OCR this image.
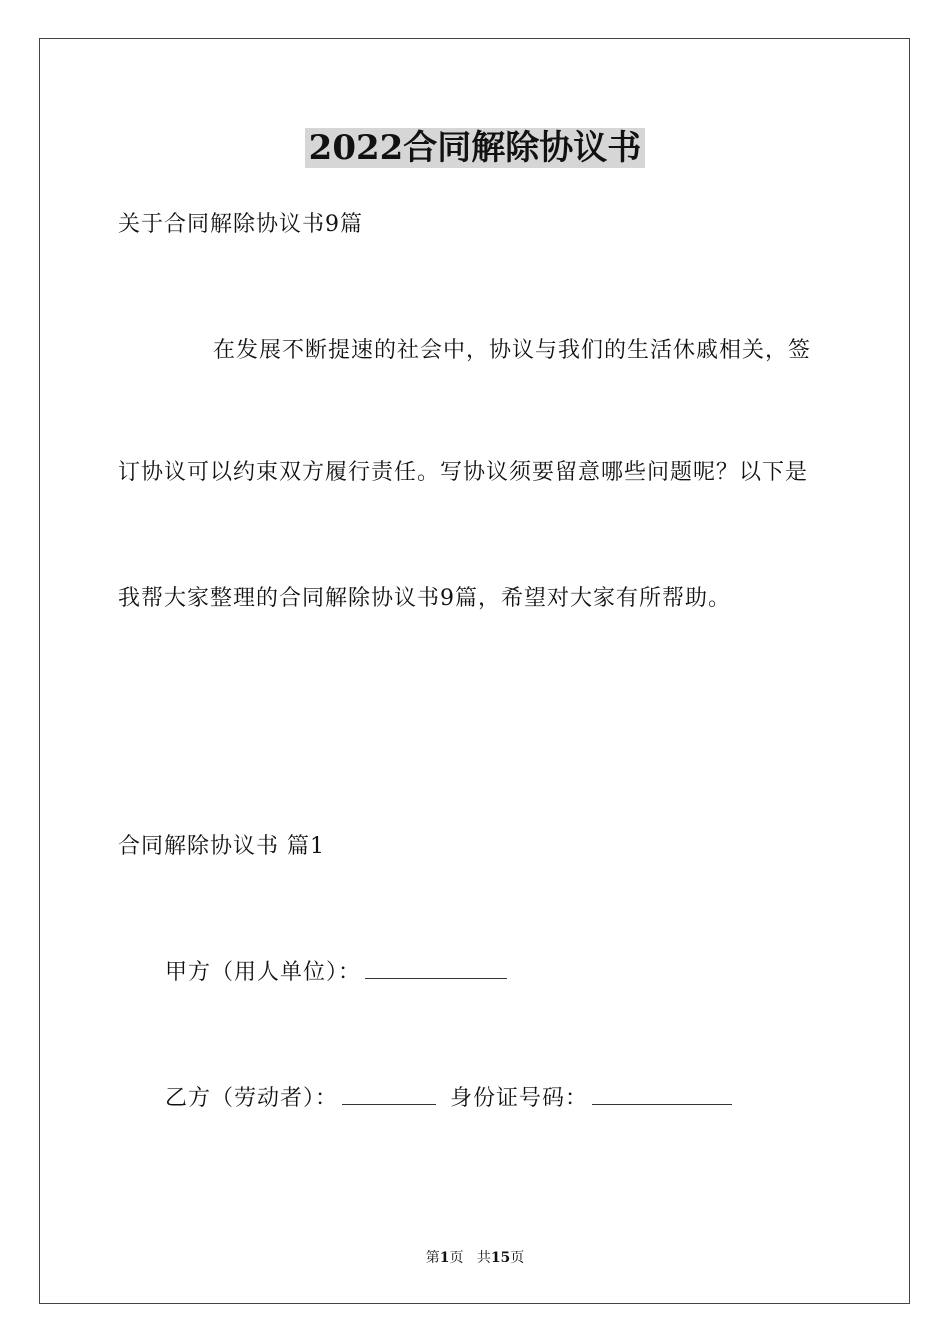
2022合同解除协议书
关于合同解除协议书9篇
在发展不断提速的社会中，协议与我们的生活休戚相关，签
订协议可以约束双方履行责任。写协议须要留意哪些问题呢？以下是
我帮大家整理的合同解除协议书9篇，希望对大家有所帮助。
合同解除协议书 篇1
甲方（用人单位）：
乙方（劳动者）：	身份证号码：
第1页 共15页
